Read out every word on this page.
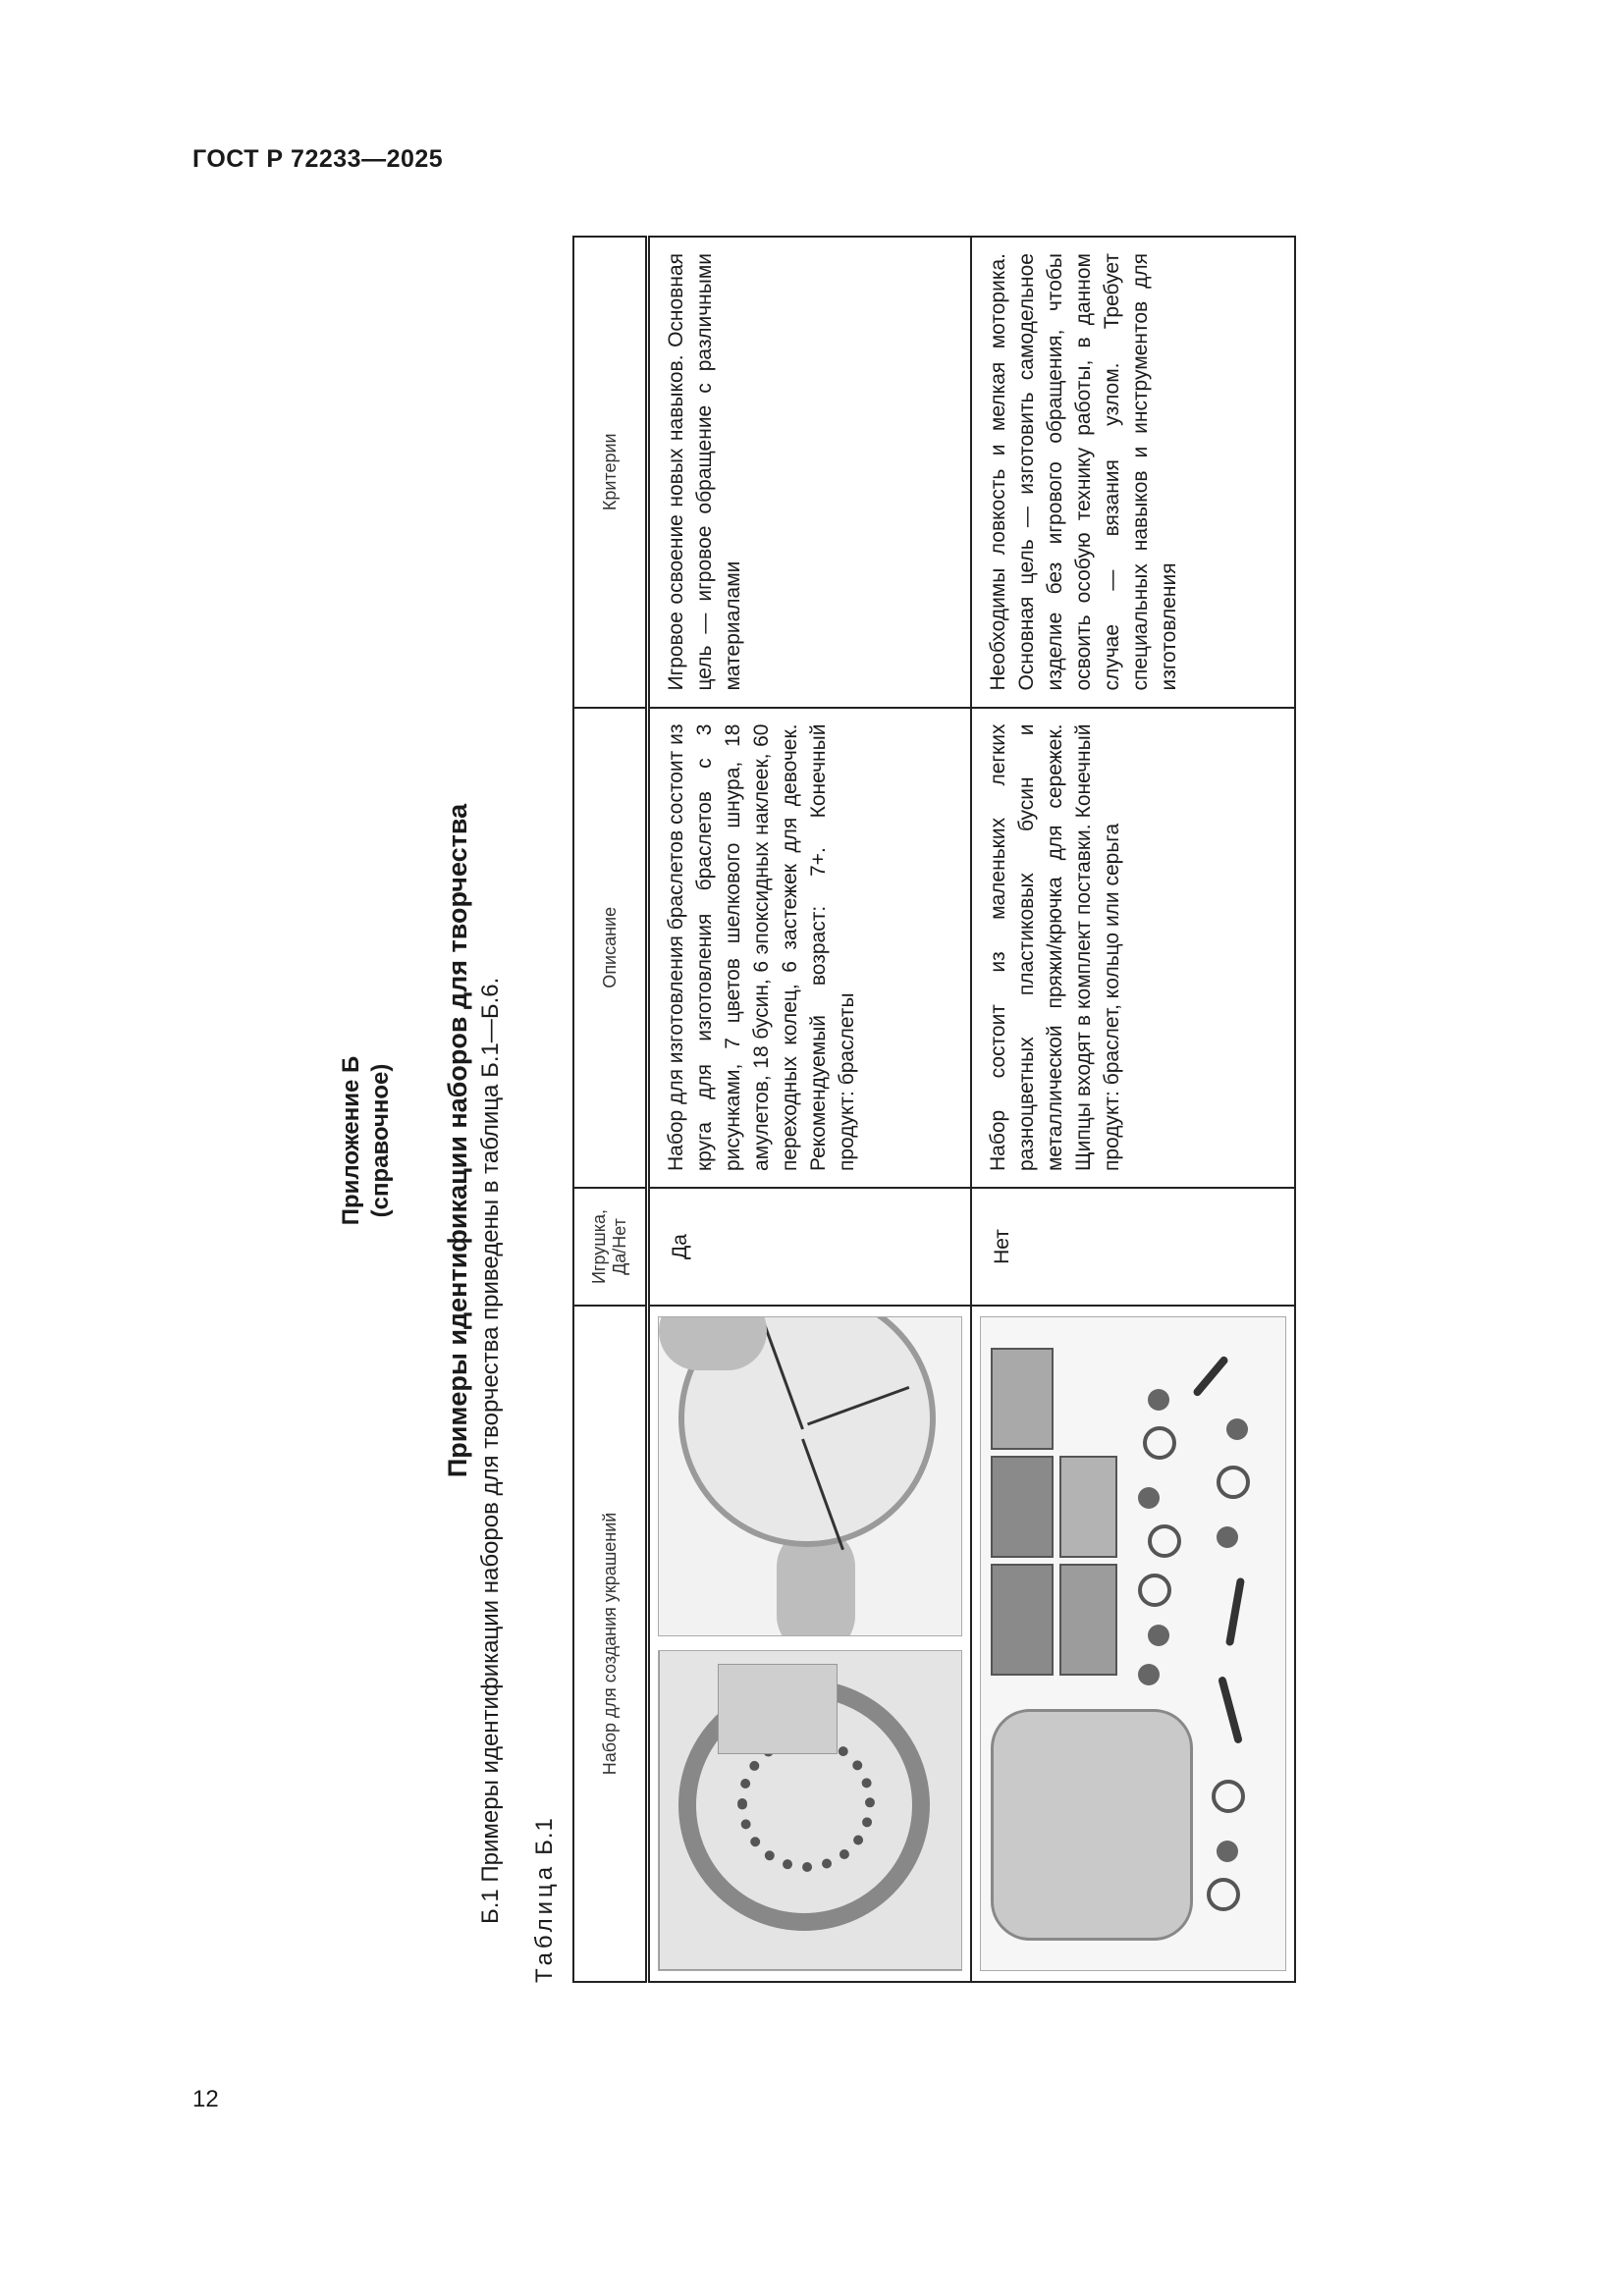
ГОСТ Р 72233—2025
12
Приложение Б (справочное) Примеры идентификации наборов для творчества Б.1 Примеры идентификации наборов для творчества приведены в таблица Б.1—Б.6. ТаблицаБ.1
Набор для создания украшений	Игрушка, Да/Нет	Описание	Критерии

	Да	Набор для изготовления браслетов состоит из круга для изготовления браслетов с 3 рисунками, 7 цветов шелкового шнура, 18 амулетов, 18 бусин, 6 эпоксидных наклеек, 60 переходных колец, 6 застежек для девочек. Рекомендуемый возраст: 7+. Конечный продукт: браслеты	Игровое освоение новых навыков. Основная цель — игровое обращение с различными материалами

	Нет	Набор состоит из маленьких легких разноцветных пластиковых бусин и металлической пряжи/крючка для сережек. Щипцы входят в комплект поставки. Конечный продукт: браслет, кольцо или серьга	Необходимы ловкость и мелкая моторика. Основная цель — изготовить самодельное изделие без игрового обращения, чтобы освоить особую технику работы, в данном случае — вязания узлом. Требует специальных навыков и инструментов для изготовления
